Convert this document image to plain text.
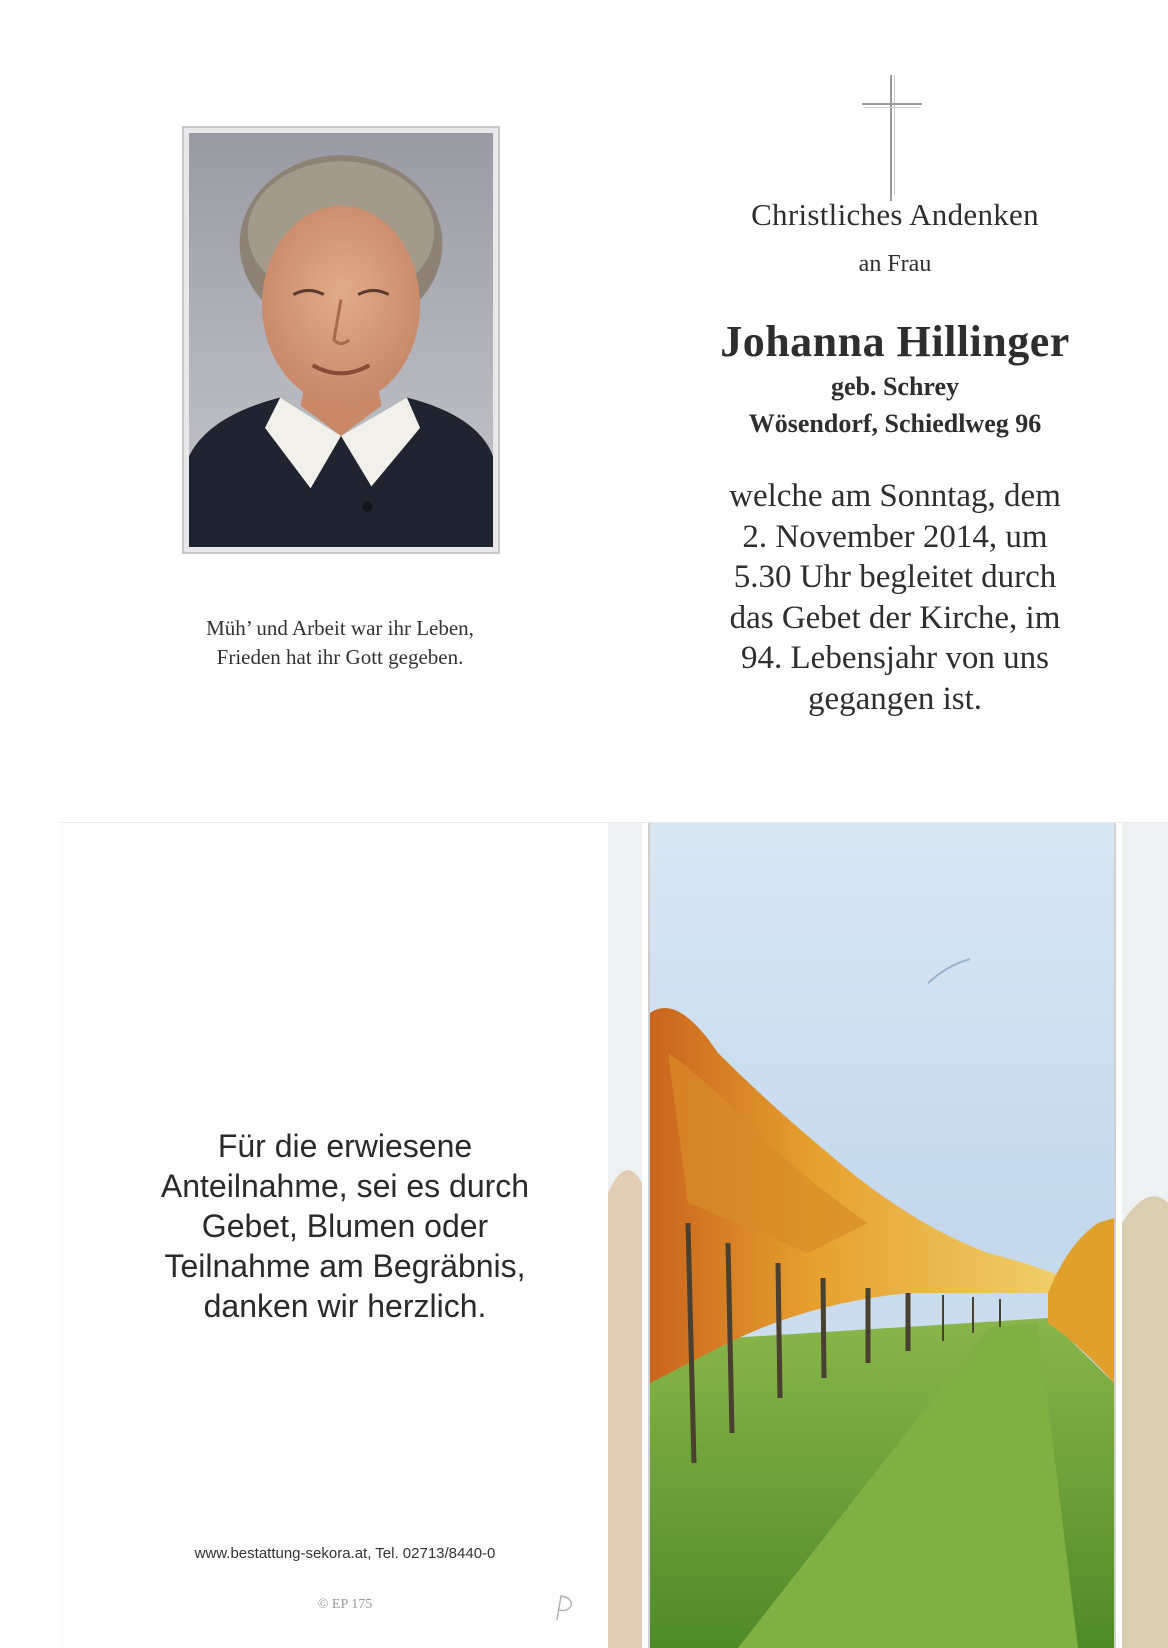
Müh’ und Arbeit war ihr Leben,
Frieden hat ihr Gott gegeben.
Christliches Andenken
an Frau
Johanna Hillinger
geb. Schrey
Wösendorf, Schiedlweg 96
welche am Sonntag, dem
2. November 2014, um
5.30 Uhr begleitet durch
das Gebet der Kirche, im
94. Lebensjahr von uns
gegangen ist.
Für die erwiesene
Anteilnahme, sei es durch
Gebet, Blumen oder
Teilnahme am Begräbnis,
danken wir herzlich.
www.bestattung-sekora.at, Tel. 02713/8440-0
© EP 175
